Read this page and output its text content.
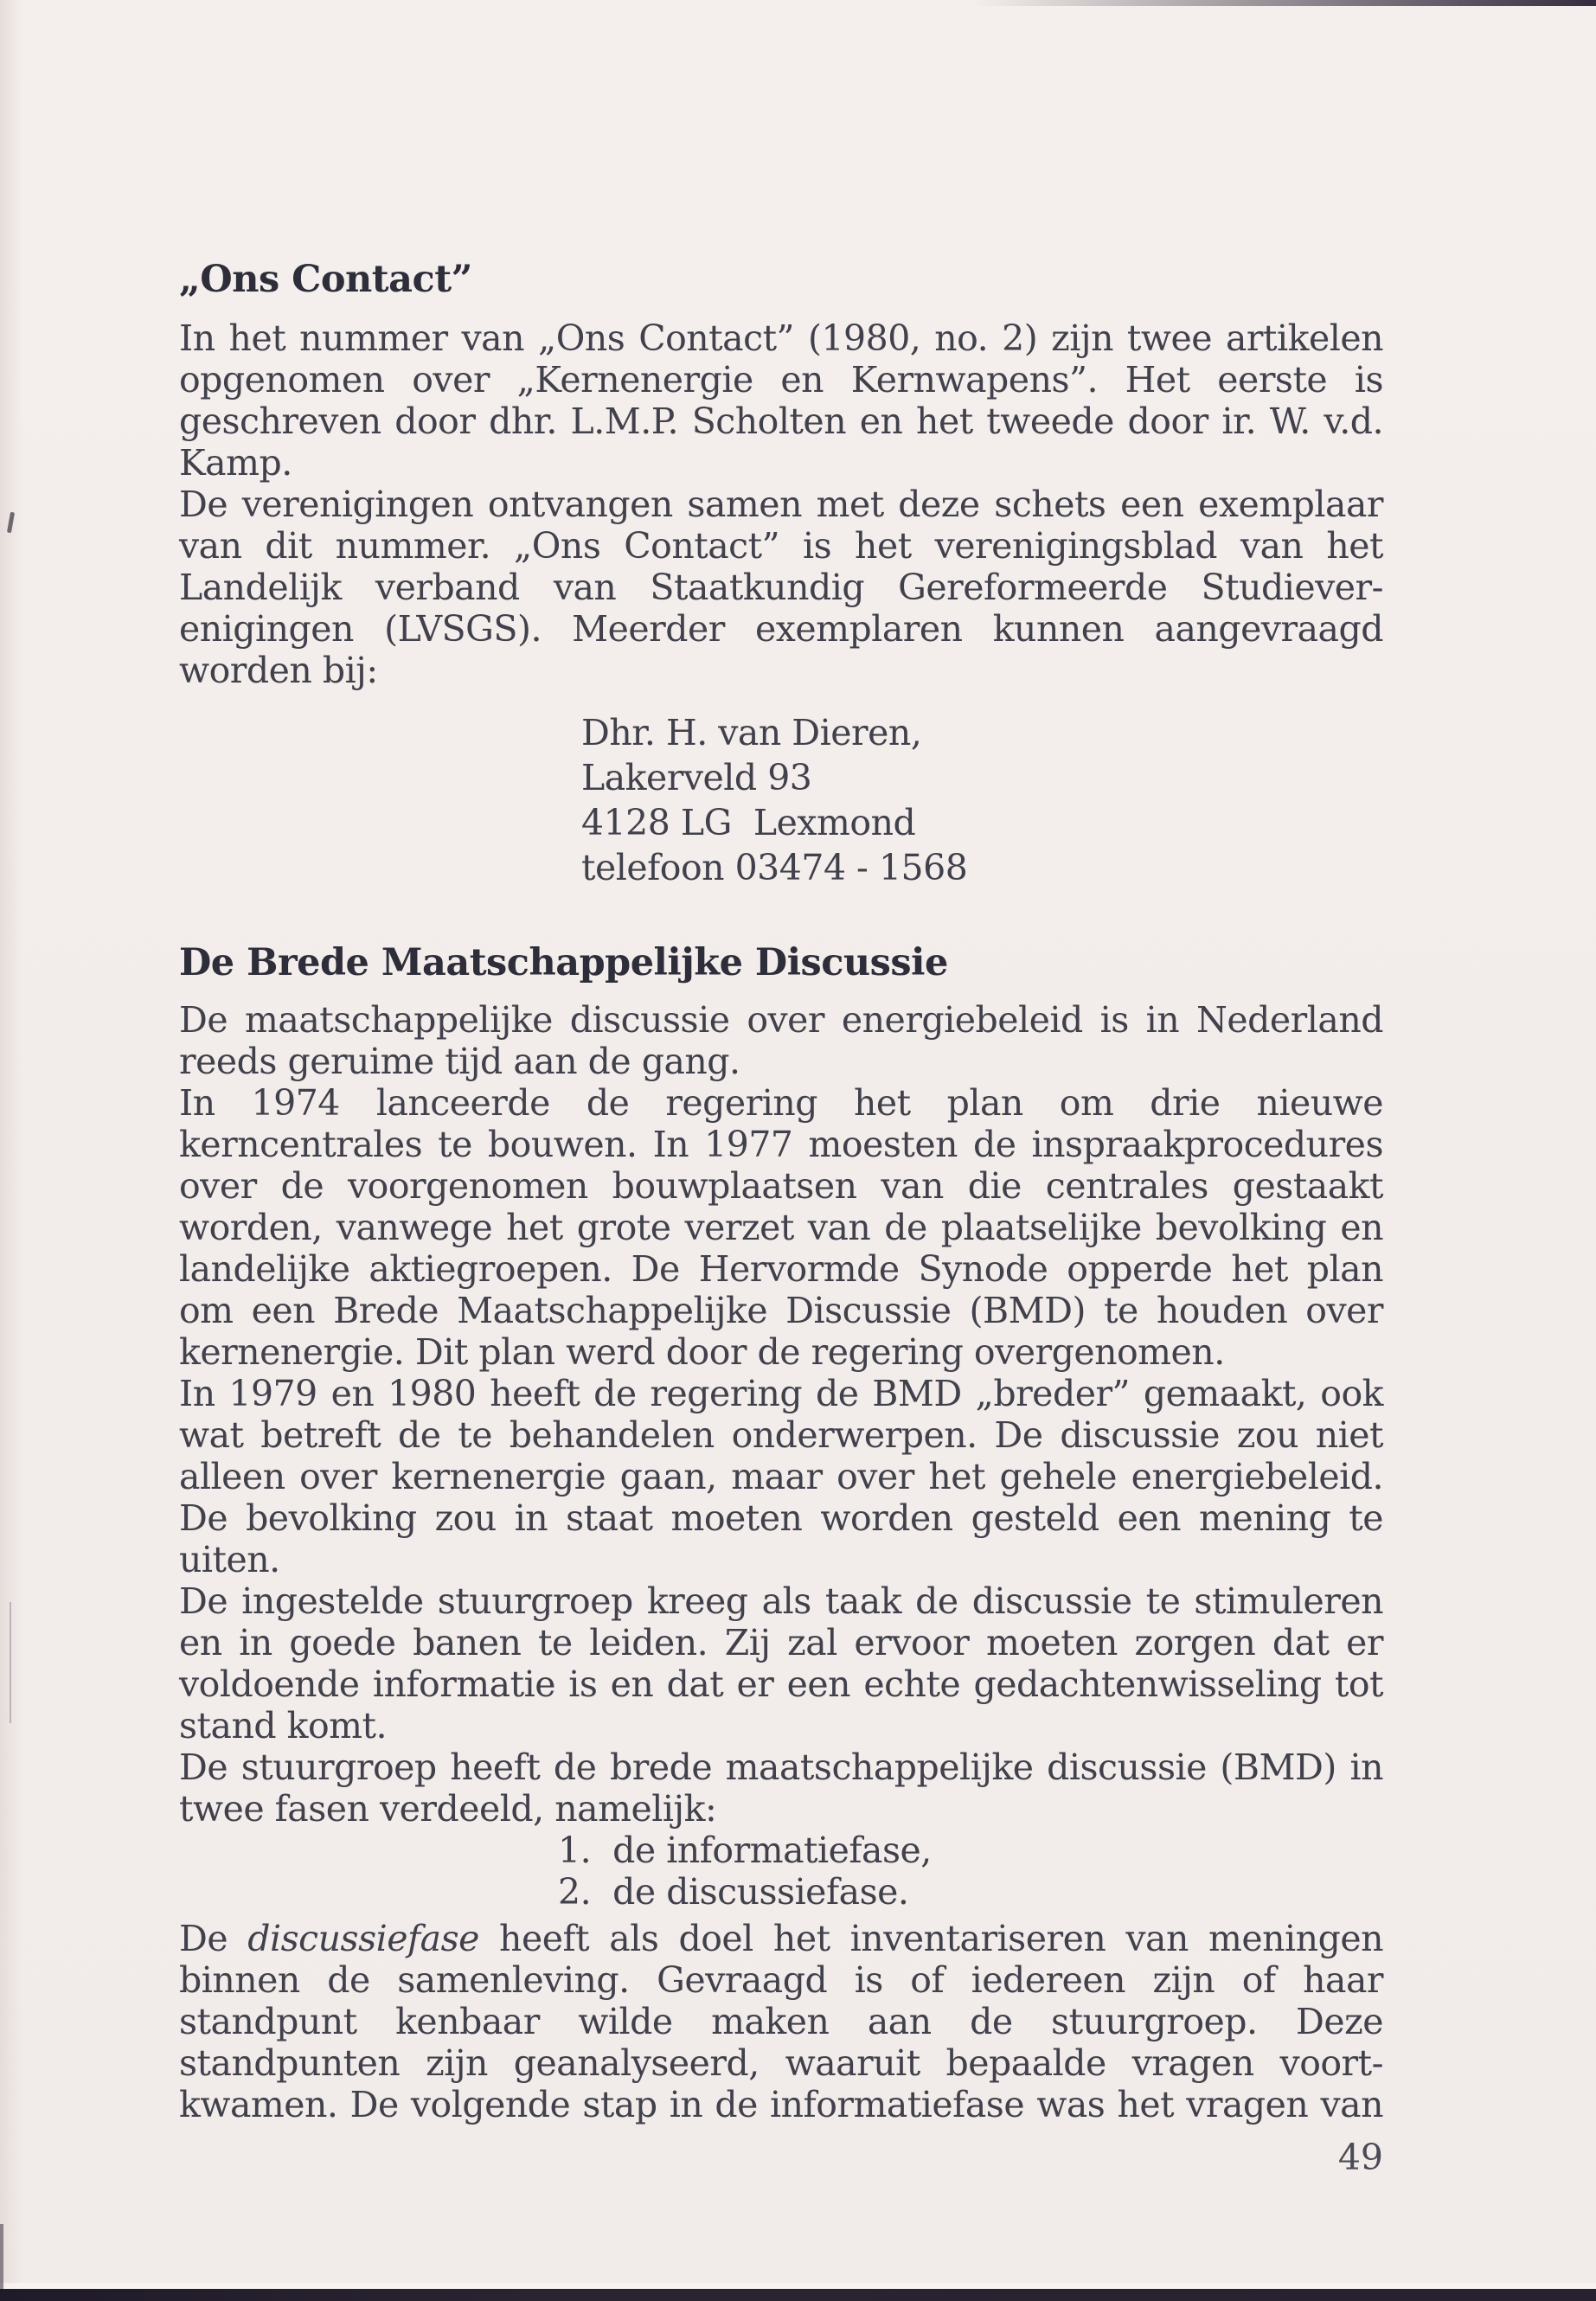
„Ons Contact”
In het nummer van „Ons Contact” (1980, no. 2) zijn twee artikelen
opgenomen over „Kernenergie en Kernwapens”. Het eerste is
geschreven door dhr. L.M.P. Scholten en het tweede door ir. W. v.d.
Kamp.
De verenigingen ontvangen samen met deze schets een exemplaar
van dit nummer. „Ons Contact” is het verenigingsblad van het
Landelijk verband van Staatkundig Gereformeerde Studiever-
enigingen (LVSGS). Meerder exemplaren kunnen aangevraagd
worden bij:
Dhr. H. van Dieren,
Lakerveld 93
4128 LG  Lexmond
telefoon 03474 - 1568
De Brede Maatschappelijke Discussie
De maatschappelijke discussie over energiebeleid is in Nederland
reeds geruime tijd aan de gang.
In 1974 lanceerde de regering het plan om drie nieuwe
kerncentrales te bouwen. In 1977 moesten de inspraakprocedures
over de voorgenomen bouwplaatsen van die centrales gestaakt
worden, vanwege het grote verzet van de plaatselijke bevolking en
landelijke aktiegroepen. De Hervormde Synode opperde het plan
om een Brede Maatschappelijke Discussie (BMD) te houden over
kernenergie. Dit plan werd door de regering overgenomen.
In 1979 en 1980 heeft de regering de BMD „breder” gemaakt, ook
wat betreft de te behandelen onderwerpen. De discussie zou niet
alleen over kernenergie gaan, maar over het gehele energiebeleid.
De bevolking zou in staat moeten worden gesteld een mening te
uiten.
De ingestelde stuurgroep kreeg als taak de discussie te stimuleren
en in goede banen te leiden. Zij zal ervoor moeten zorgen dat er
voldoende informatie is en dat er een echte gedachtenwisseling tot
stand komt.
De stuurgroep heeft de brede maatschappelijke discussie (BMD) in
twee fasen verdeeld, namelijk:
1.  de informatiefase,
2.  de discussiefase.
De discussiefase heeft als doel het inventariseren van meningen
binnen de samenleving. Gevraagd is of iedereen zijn of haar
standpunt kenbaar wilde maken aan de stuurgroep. Deze
standpunten zijn geanalyseerd, waaruit bepaalde vragen voort-
kwamen. De volgende stap in de informatiefase was het vragen van
49
